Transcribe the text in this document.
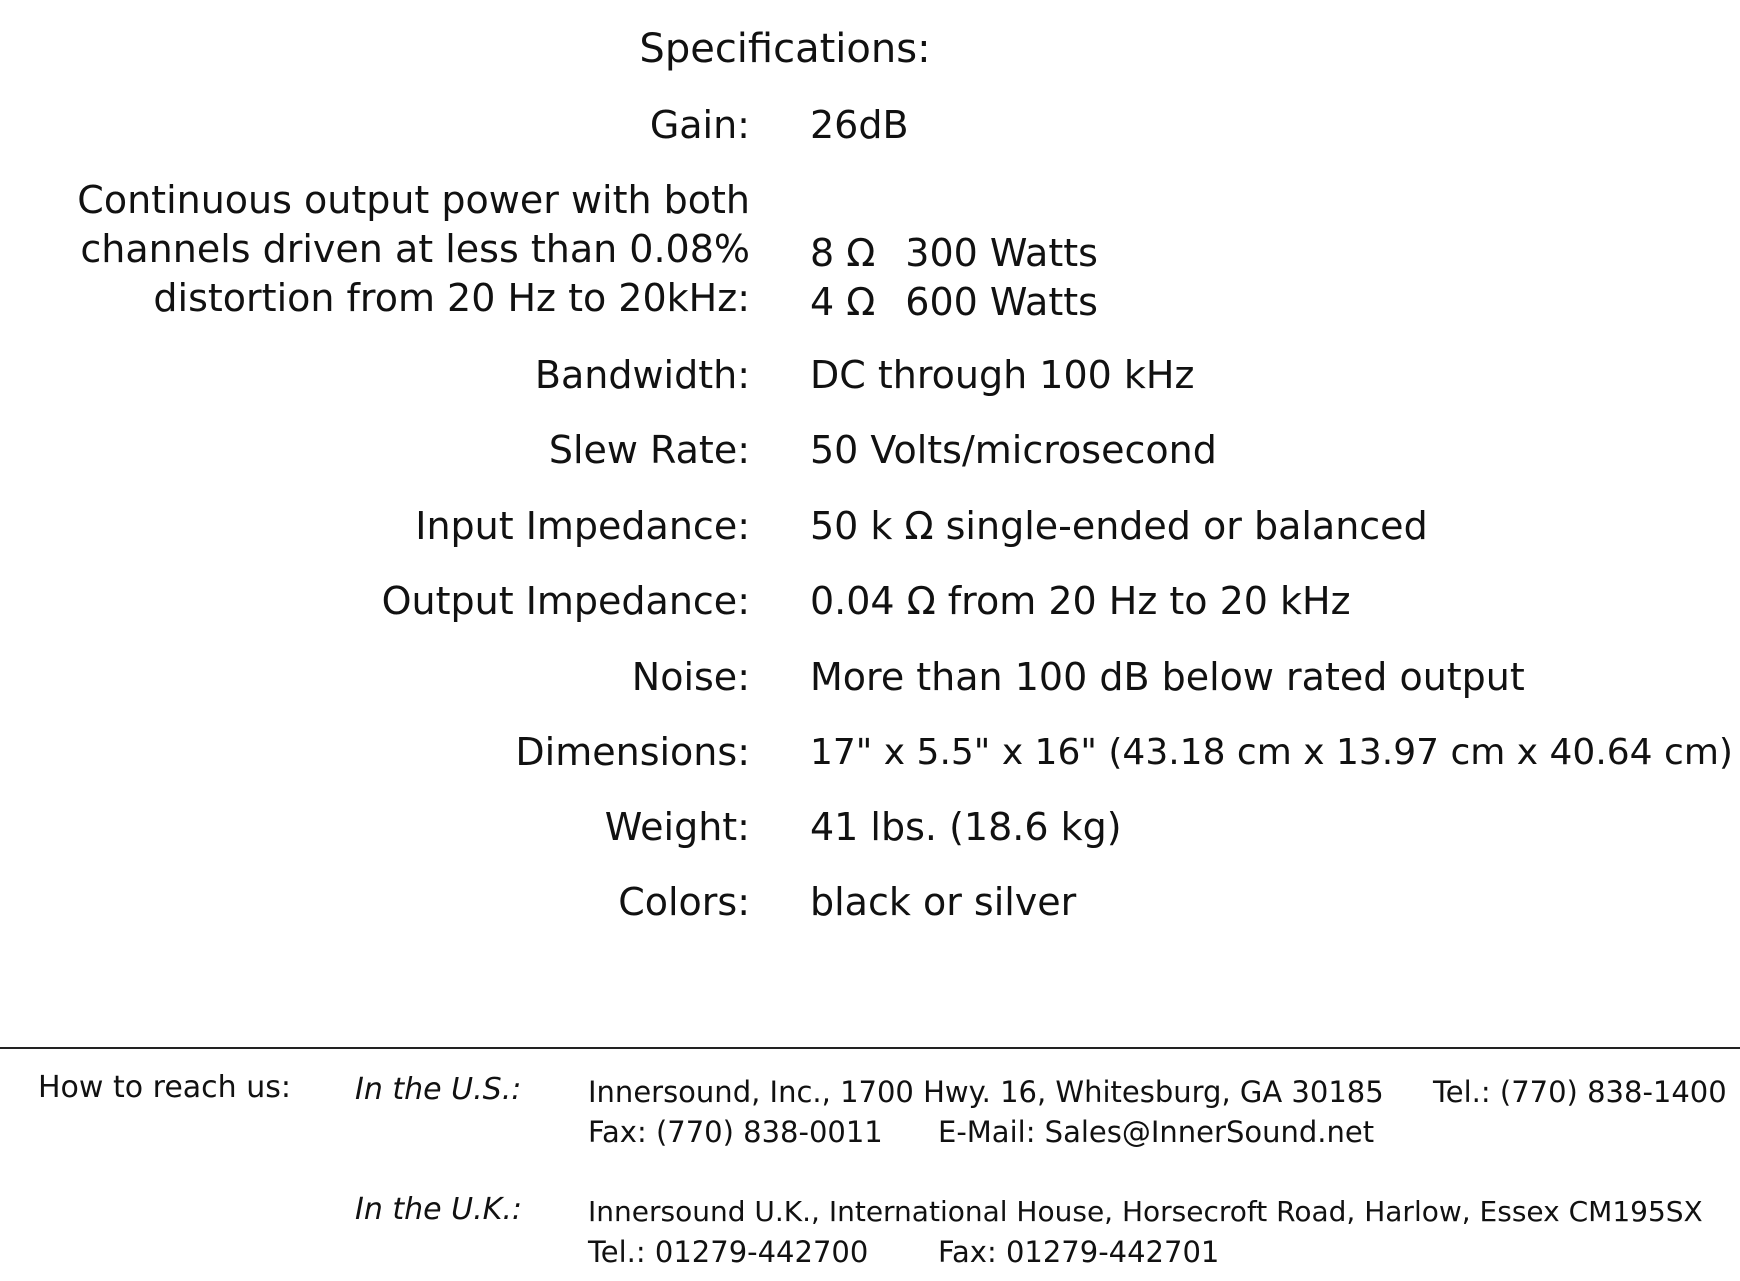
Specifications:
Gain: 26dB
Continuous output power with both
channels driven at less than 0.08%
distortion from 20 Hz to 20kHz:
8 Ω 300 Watts
4 Ω 600 Watts
Bandwidth: DC through 100 kHz
Slew Rate: 50 Volts/microsecond
Input Impedance: 50 k Ω single-ended or balanced
Output Impedance: 0.04 Ω from 20 Hz to 20 kHz
Noise: More than 100 dB below rated output
Dimensions: 17" x 5.5" x 16" (43.18 cm x 13.97 cm x 40.64 cm)
Weight: 41 lbs. (18.6 kg)
Colors: black or silver
How to reach us: In the U.S.: Innersound, Inc., 1700 Hwy. 16, Whitesburg, GA 30185 Tel.: (770) 838-1400
Fax: (770) 838-0011 E-Mail: Sales@InnerSound.net
In the U.K.: Innersound U.K., International House, Horsecroft Road, Harlow, Essex CM195SX
Tel.: 01279-442700 Fax: 01279-442701
